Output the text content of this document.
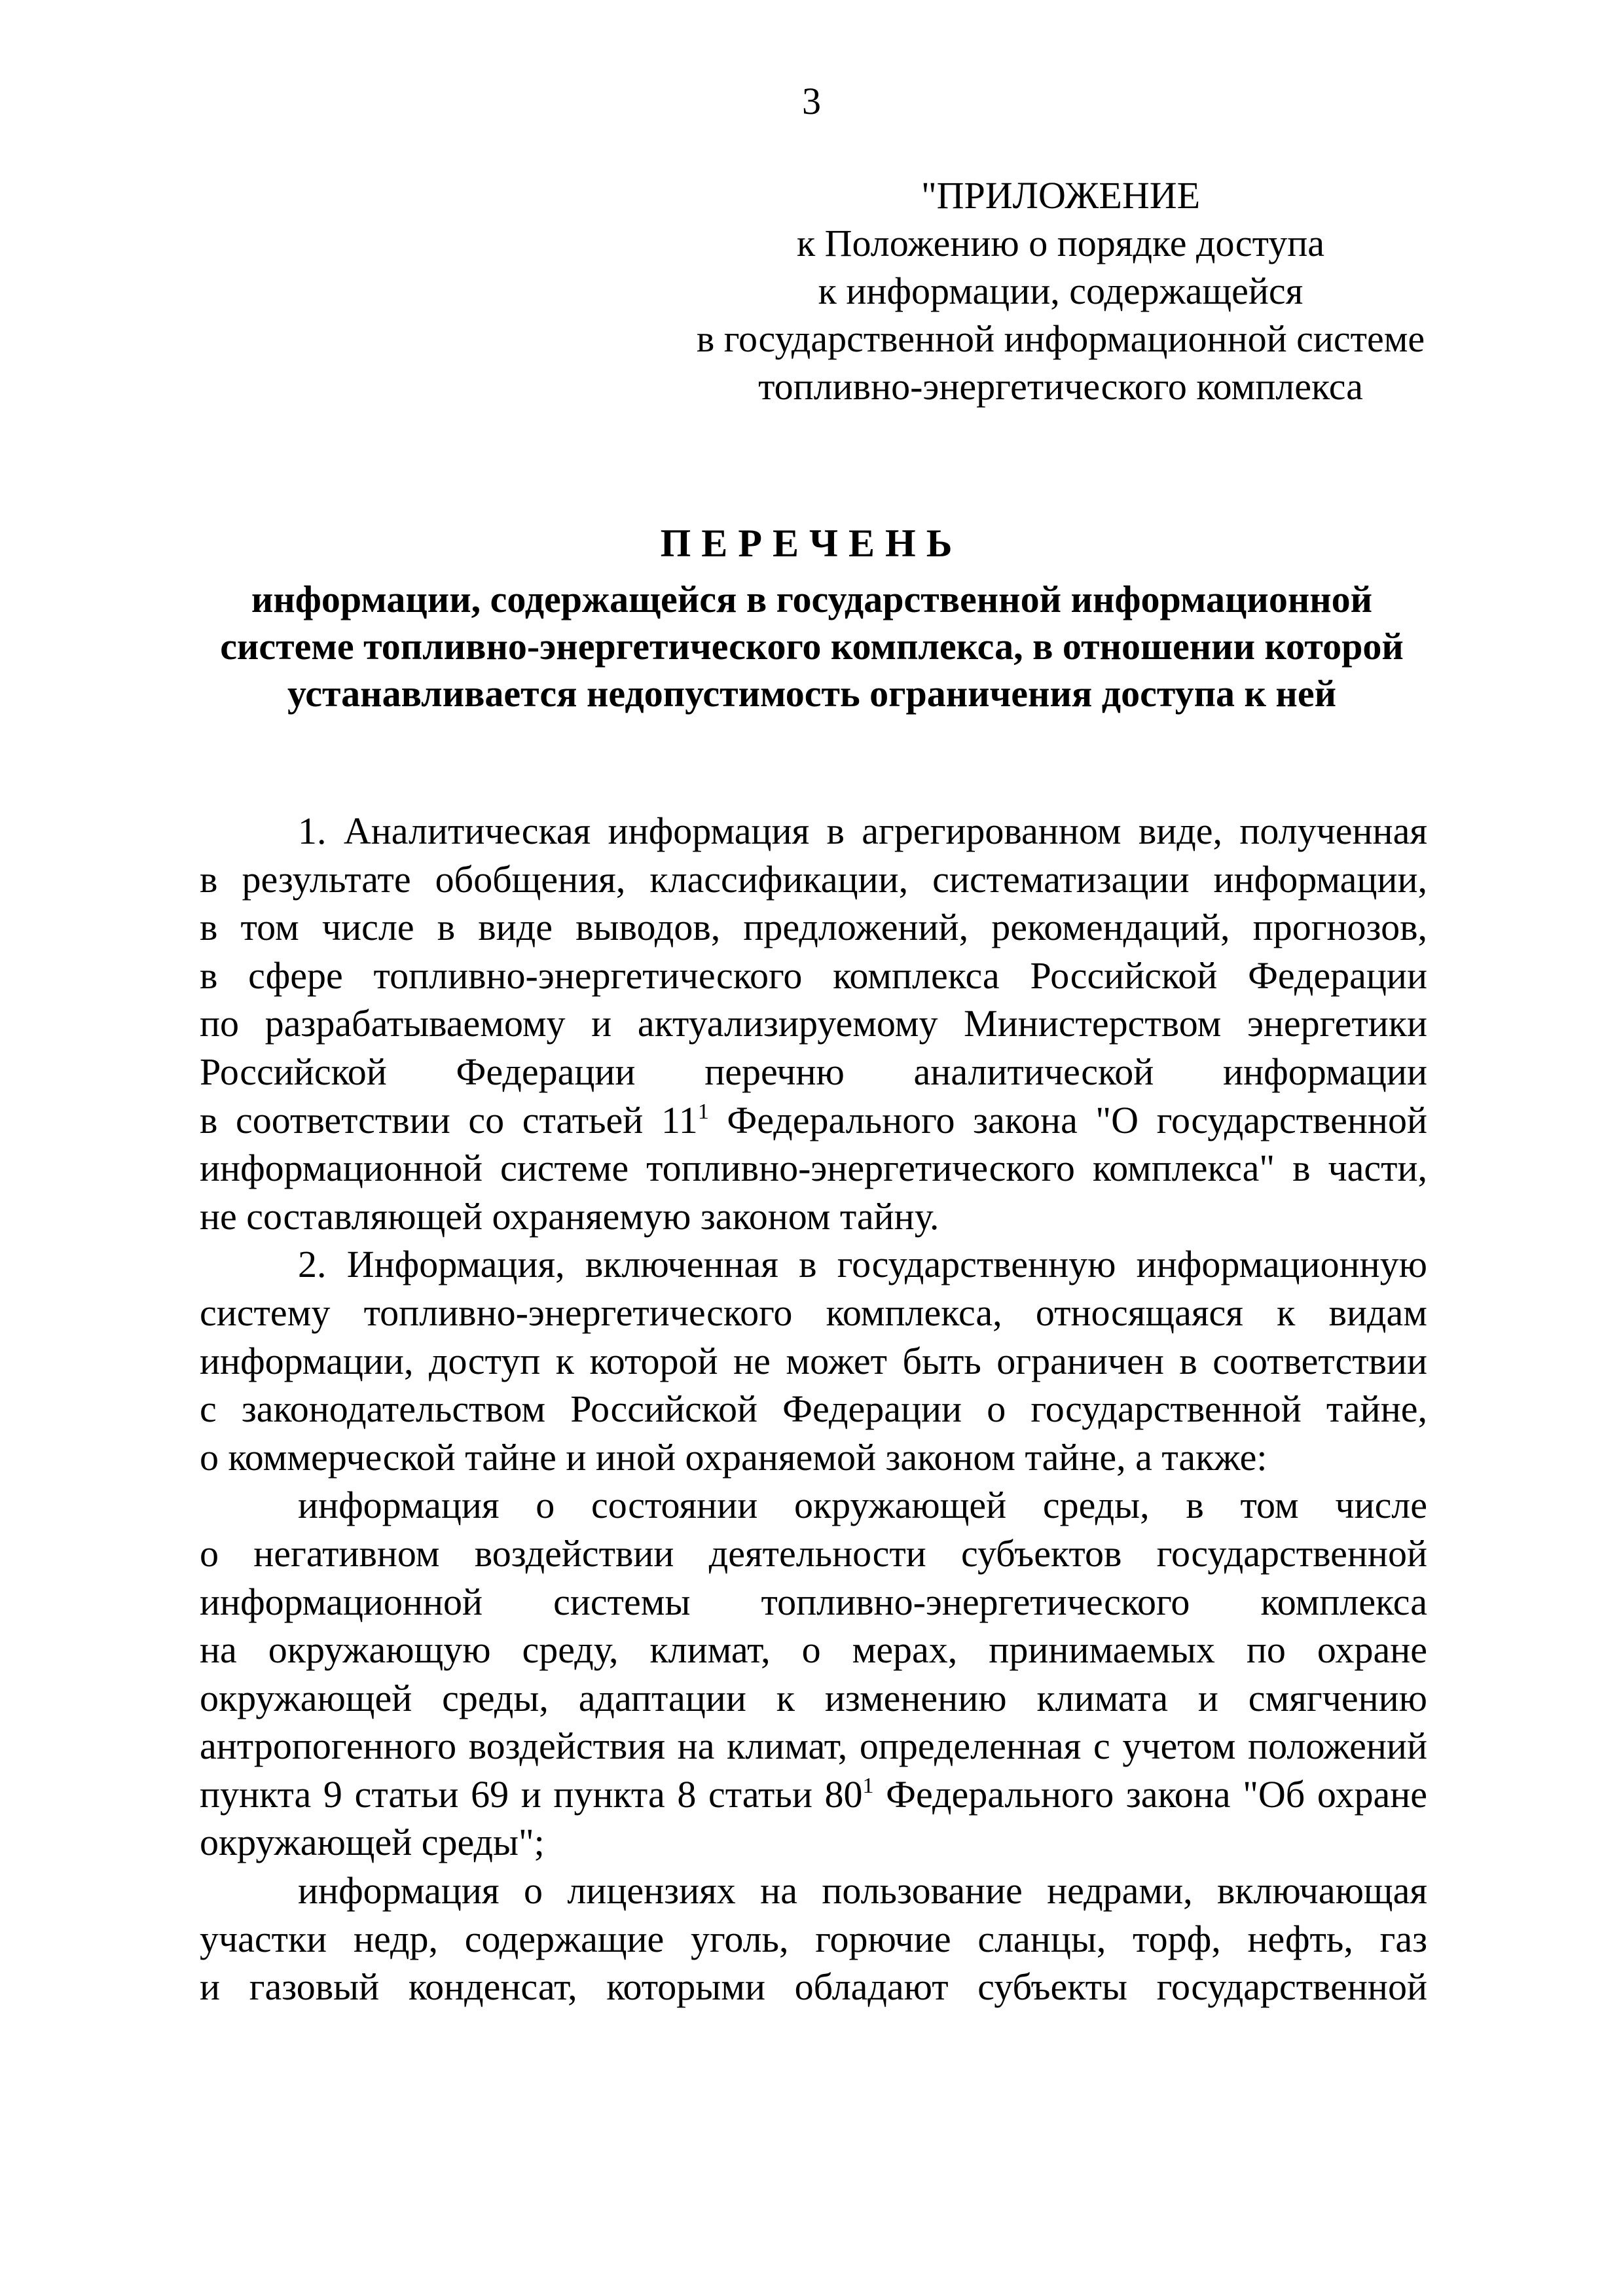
3
"ПРИЛОЖЕНИЕ
к Положению о порядке доступа
к информации, содержащейся
в государственной информационной системе
топливно-энергетического комплекса
ПЕРЕЧЕНЬ
информации, содержащейся в государственной информационной
системе топливно-энергетического комплекса, в отношении которой
устанавливается недопустимость ограничения доступа к ней
1. Аналитическая информация в агрегированном виде, полученная
в результате обобщения, классификации, систематизации информации,
в том числе в виде выводов, предложений, рекомендаций, прогнозов,
в сфере топливно-энергетического комплекса Российской Федерации
по разрабатываемому и актуализируемому Министерством энергетики
Российской Федерации перечню аналитической информации
в соответствии со статьей $11^1$ Федерального закона "О государственной
информационной системе топливно-энергетического комплекса" в части,
не составляющей охраняемую законом тайну.
2. Информация, включенная в государственную информационную
систему топливно-энергетического комплекса, относящаяся к видам
информации, доступ к которой не может быть ограничен в соответствии
с законодательством Российской Федерации о государственной тайне,
о коммерческой тайне и иной охраняемой законом тайне, а также:
информация о состоянии окружающей среды, в том числе
о негативном воздействии деятельности субъектов государственной
информационной системы топливно-энергетического комплекса
на окружающую среду, климат, о мерах, принимаемых по охране
окружающей среды, адаптации к изменению климата и смягчению
антропогенного воздействия на климат, определенная с учетом положений
пункта 9 статьи 69 и пункта 8 статьи $80^1$ Федерального закона "Об охране
окружающей среды";
информация о лицензиях на пользование недрами, включающая
участки недр, содержащие уголь, горючие сланцы, торф, нефть, газ
и газовый конденсат, которыми обладают субъекты государственной
